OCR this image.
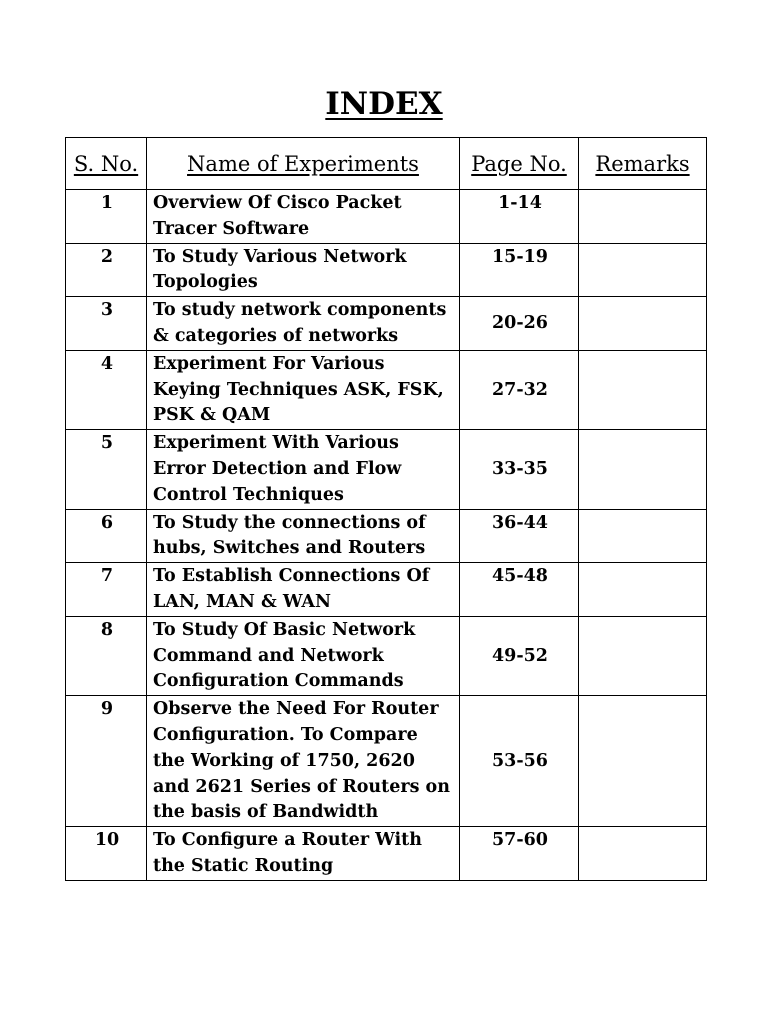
INDEX
S. No.	Name of Experiments	Page No.	Remarks
1	Overview Of Cisco Packet Tracer Software	1-14	
2	To Study Various Network Topologies	15-19	
3	To study network components & categories of networks	20-26	
4	Experiment For Various Keying Techniques ASK, FSK, PSK & QAM	27-32	
5	Experiment With Various Error Detection and Flow Control Techniques	33-35	
6	To Study the connections of hubs, Switches and Routers	36-44	
7	To Establish Connections Of LAN, MAN & WAN	45-48	
8	To Study Of Basic Network Command and Network Configuration Commands	49-52	
9	Observe the Need For Router Configuration. To Compare the Working of 1750, 2620 and 2621 Series of Routers on the basis of Bandwidth	53-56	
10	To Configure a Router With the Static Routing	57-60	
